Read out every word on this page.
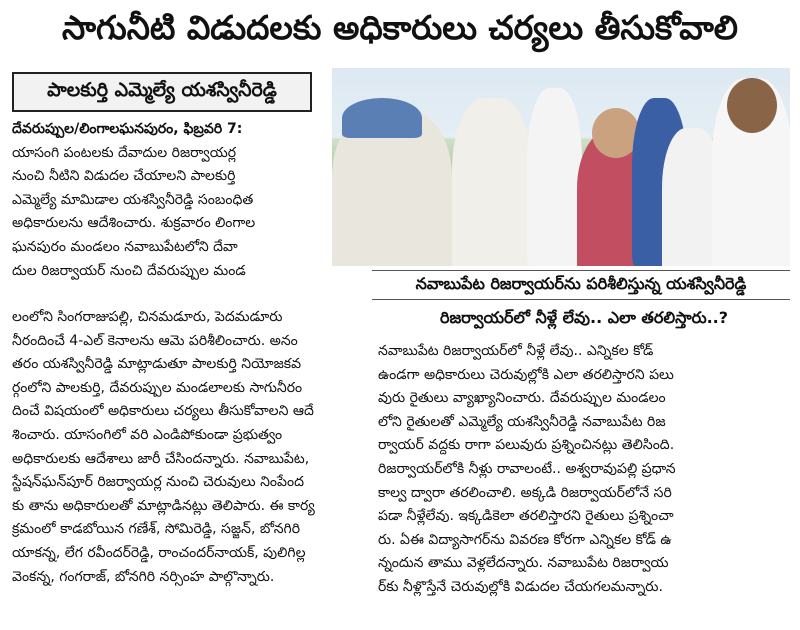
సాగునీటి విడుదలకు అధికారులు చర్యలు తీసుకోవాలి
పాలకుర్తి ఎమ్మెల్యే యశస్వినీరెడ్డి
నవాబుపేట రిజర్వాయర్‌ను పరిశీలిస్తున్న యశస్వినీరెడ్డి
దేవరుప్పుల/లింగాలఘనపురం, ఫిబ్రవరి 7:
యాసంగి పంటలకు దేవాదుల రిజర్వాయర్ల
నుంచి నీటిని విడుదల చేయాలని పాలకుర్తి
ఎమ్మెల్యే మామిడాల యశస్వినీరెడ్డి సంబంధిత
అధికారులను ఆదేశించారు. శుక్రవారం లింగాల
ఘనపురం మండలం నవాబుపేటలోని దేవా
దుల రిజర్వాయర్ నుంచి దేవరుప్పుల మండ
లంలోని సింగరాజుపల్లి, చినమడూరు, పెదమడూరు
నీరందించే 4-ఎల్ కెనాలను ఆమె పరిశీలించారు. అనం
తరం యశస్వినీరెడ్డి మాట్లాడుతూ పాలకుర్తి నియోజకవ
ర్గంలోని పాలకుర్తి, దేవరుప్పుల మండలాలకు సాగునీరం
దించే విషయంలో అధికారులు చర్యలు తీసుకోవాలని ఆదే
శించారు. యాసంగిలో వరి ఎండిపోకుండా ప్రభుత్వం
అధికారులకు ఆదేశాలు జారీ చేసిందన్నారు. నవాబుపేట,
స్టేషన్‌ఘన్‌పూర్ రిజర్వాయర్ల నుంచి చెరువులు నింపేంద
కు తాను అధికారులతో మాట్లాడినట్లు తెలిపారు. ఈ కార్య
క్రమంలో కాడబోయిన గణేశ్, సోమిరెడ్డి, సజ్జన్, బోనగిరి
యాకన్న, లేగ రవీందర్‌రెడ్డి, రాంచందర్‌నాయక్, పులిగిల్ల
వెంకన్న, గంగరాజ్, బోనగిరి నర్సింహ పాల్గొన్నారు.
రిజర్వాయర్‌లో నీళ్లే లేవు.. ఎలా తరలిస్తారు..?
నవాబుపేట రిజర్వాయర్‌లో నీళ్లే లేవు.. ఎన్నికల కోడ్
ఉండగా అధికారులు చెరువుల్లోకి ఎలా తరలిస్తారని పలు
వురు రైతులు వ్యాఖ్యానించారు. దేవరుప్పుల మండలం
లోని రైతులతో ఎమ్మెల్యే యశస్వినీరెడ్డి నవాబుపేట రిజ
ర్వాయర్ వద్దకు రాగా పలువురు ప్రశ్నించినట్లు తెలిసింది.
రిజర్వాయర్‌లోకి నీళ్లు రావాలంటే.. అశ్వరావుపల్లి ప్రధాన
కాల్వ ద్వారా తరలించాలి. అక్కడి రిజర్వాయర్‌లోనే సరి
పడా నీళ్లేలేవు. ఇక్కడికెలా తరలిస్తారని రైతులు ప్రశ్నించా
రు. ఏఈ విద్యాసాగర్‌ను వివరణ కోరగా ఎన్నికల కోడ్ ఉ
న్నందున తాము వెళ్లలేదన్నారు. నవాబుపేట రిజర్వాయ
ర్‌కు నీళ్లొస్తేనే చెరువుల్లోకి విడుదల చేయగలమన్నారు.
